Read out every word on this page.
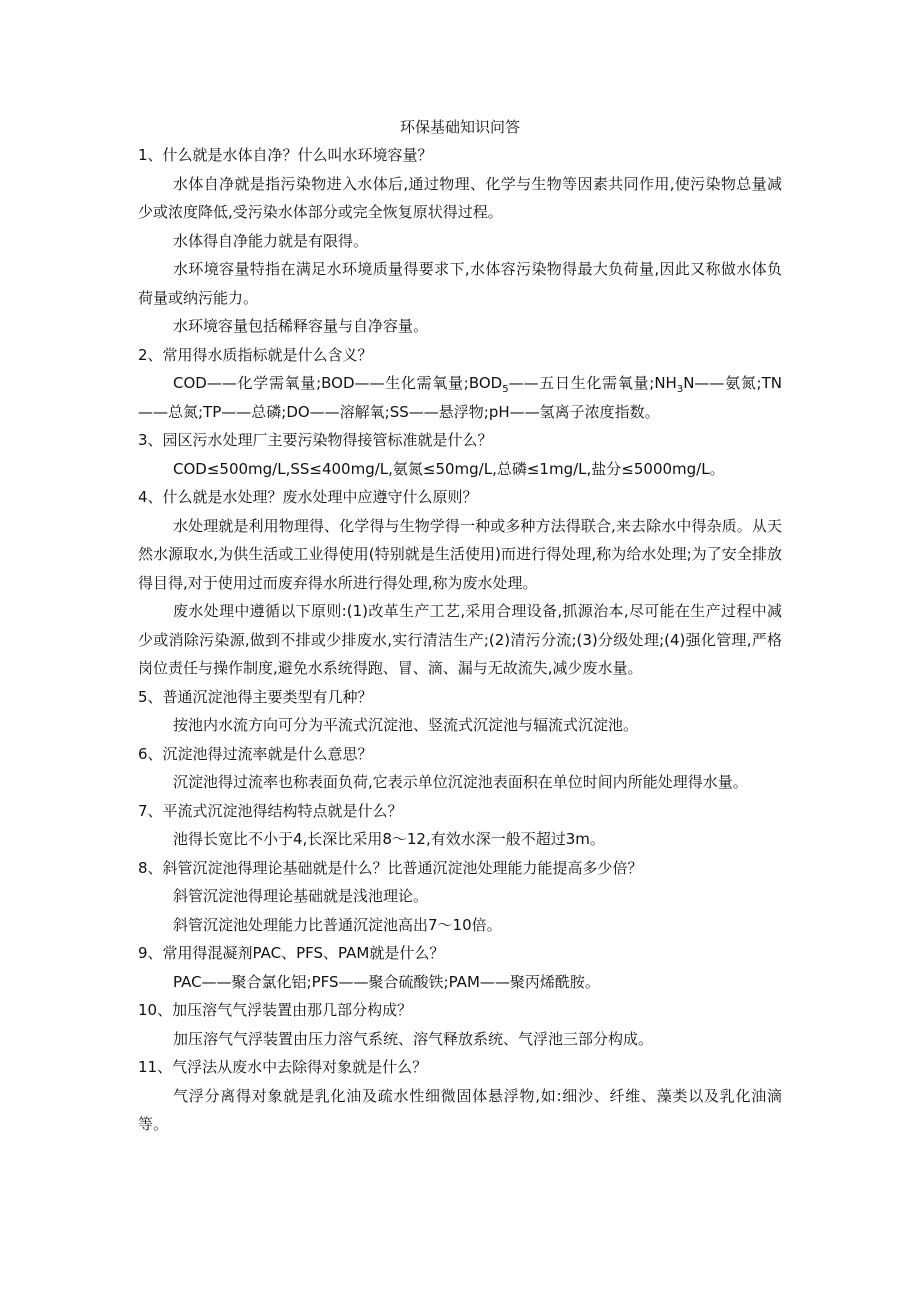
环保基础知识问答

1、什么就是水体自净？什么叫水环境容量？

水体自净就是指污染物进入水体后,通过物理、化学与生物等因素共同作用,使污染物总量减少或浓度降低,受污染水体部分或完全恢复原状得过程。

水体得自净能力就是有限得。

水环境容量特指在满足水环境质量得要求下,水体容污染物得最大负荷量,因此又称做水体负荷量或纳污能力。

水环境容量包括稀释容量与自净容量。

2、常用得水质指标就是什么含义？

COD——化学需氧量;BOD——生化需氧量$;BOD_5——$五日生化需氧量$;NH_3N——$氨氮;TN——总氮;TP——总磷;DO——溶解氧;SS——悬浮物;pH——氢离子浓度指数。

3、园区污水处理厂主要污染物得接管标准就是什么？

COD≤500mg/L,SS≤400mg/L,氨氮≤50mg/L,总磷≤1mg/L,盐分≤5000mg/L。

4、什么就是水处理？废水处理中应遵守什么原则？

水处理就是利用物理得、化学得与生物学得一种或多种方法得联合,来去除水中得杂质。从天然水源取水,为供生活或工业得使用(特别就是生活使用)而进行得处理,称为给水处理;为了安全排放得目得,对于使用过而废弃得水所进行得处理,称为废水处理。

废水处理中遵循以下原则:(1)改革生产工艺,采用合理设备,抓源治本,尽可能在生产过程中减少或消除污染源,做到不排或少排废水,实行清洁生产;(2)清污分流;(3)分级处理;(4)强化管理,严格岗位责任与操作制度,避免水系统得跑、冒、滴、漏与无故流失,减少废水量。

5、普通沉淀池得主要类型有几种？

按池内水流方向可分为平流式沉淀池、竖流式沉淀池与辐流式沉淀池。

6、沉淀池得过流率就是什么意思？

沉淀池得过流率也称表面负荷,它表示单位沉淀池表面积在单位时间内所能处理得水量。

7、平流式沉淀池得结构特点就是什么？

池得长宽比不小于4,长深比采用8～12,有效水深一般不超过3m。

8、斜管沉淀池得理论基础就是什么？比普通沉淀池处理能力能提高多少倍？

斜管沉淀池得理论基础就是浅池理论。

斜管沉淀池处理能力比普通沉淀池高出7～10倍。

9、常用得混凝剂PAC、PFS、PAM就是什么？

PAC——聚合氯化铝;PFS——聚合硫酸铁;PAM——聚丙烯酰胺。

10、加压溶气气浮装置由那几部分构成？

加压溶气气浮装置由压力溶气系统、溶气释放系统、气浮池三部分构成。

11、气浮法从废水中去除得对象就是什么？

气浮分离得对象就是乳化油及疏水性细微固体悬浮物,如:细沙、纤维、藻类以及乳化油滴等。
